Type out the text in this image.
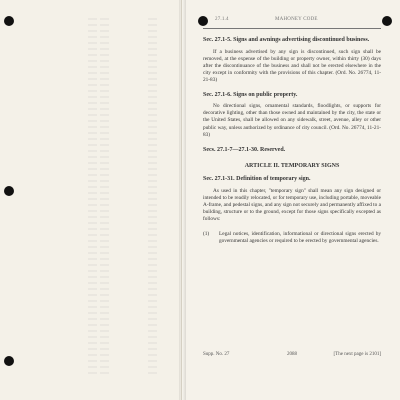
27.1.4	MAHONEY CODE
Sec. 27.1-5. Signs and awnings advertising discontinued business.

If a business advertised by any sign is discontinued, such sign shall be removed, at the expense of the building or property owner, within thirty (30) days after the discontinuance of the business and shall not be erected elsewhere in the city except in conformity with the provisions of this chapter. (Ord. No. 26774, 11-21-83)

Sec. 27.1-6. Signs on public property.

No directional signs, ornamental standards, floodlights, or supports for decorative lighting, other than those owned and maintained by the city, the state or the United States, shall be allowed on any sidewalk, street, avenue, alley or other public way, unless authorized by ordinance of city council. (Ord. No. 26774, 11-21-83)

Secs. 27.1-7—27.1-30. Reserved.
ARTICLE II. TEMPORARY SIGNS
Sec. 27.1-31. Definition of temporary sign.

As used in this chapter, "temporary sign" shall mean any sign designed or intended to be readily relocated, or for temporary use, including portable, moveable A-frame, and pedestal signs, and any sign not securely and permanently affixed to a building, structure or to the ground, except for those signs specifically excepted as follows:

(1) Legal notices, identification, informational or directional signs erected by governmental agencies or required to be erected by governmental agencies.
Supp. No. 27	2088	[The next page is 2101]
